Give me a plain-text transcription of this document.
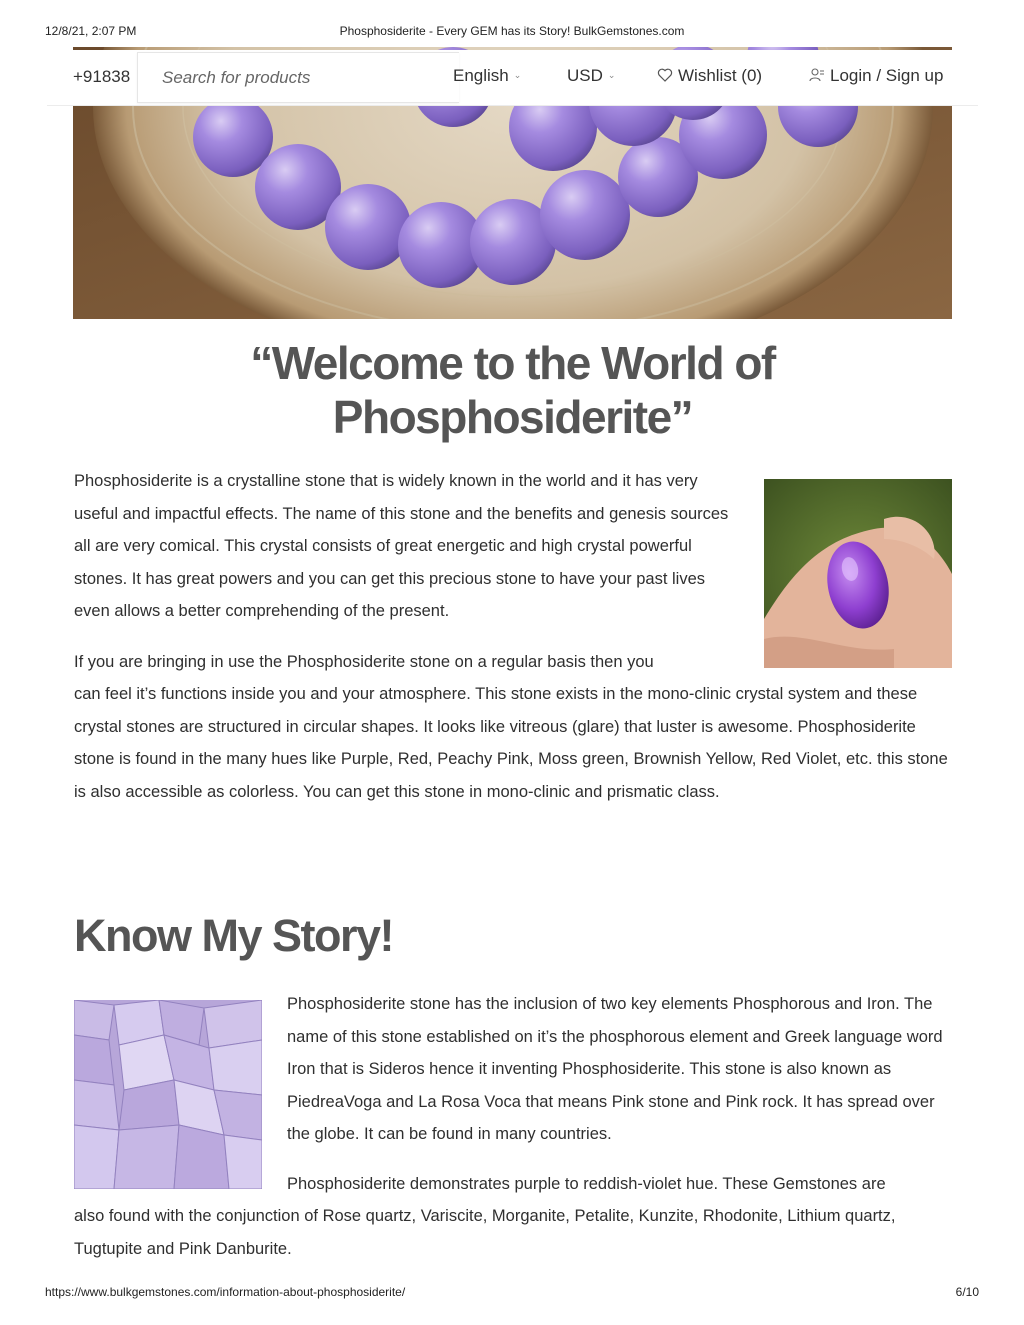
12/8/21, 2:07 PM	Phosphosiderite - Every GEM has its Story! BulkGemstones.com
+91838
Search for products	English ⌄	USD ⌄	Wishlist (0)	Login / Sign up
“Welcome to the World of
Phosphosiderite”

Phosphosiderite is a crystalline stone that is widely known in the world and it has very useful and impactful effects. The name of this stone and the benefits and genesis sources all are very comical. This crystal consists of great energetic and high crystal powerful stones. It has great powers and you can get this precious stone to have your past lives even allows a better comprehending of the present.

If you are bringing in use the Phosphosiderite stone on a regular basis then you

can feel it’s functions inside you and your atmosphere. This stone exists in the mono-clinic crystal system and these crystal stones are structured in circular shapes. It looks like vitreous (glare) that luster is awesome. Phosphosiderite stone is found in the many hues like Purple, Red, Peachy Pink, Moss green, Brownish Yellow, Red Violet, etc. this stone is also accessible as colorless. You can get this stone in mono-clinic and prismatic class.

Know My Story!

Phosphosiderite stone has the inclusion of two key elements Phosphorous and Iron. The name of this stone established on it’s the phosphorous element and Greek language word Iron that is Sideros hence it inventing Phosphosiderite. This stone is also known as PiedreaVoga and La Rosa Voca that means Pink stone and Pink rock. It has spread over the globe. It can be found in many countries.

Phosphosiderite demonstrates purple to reddish-violet hue. These Gemstones are

also found with the conjunction of Rose quartz, Variscite, Morganite, Petalite, Kunzite, Rhodonite, Lithium quartz, Tugtupite and Pink Danburite.

https://www.bulkgemstones.com/information-about-phosphosiderite/	6/10
